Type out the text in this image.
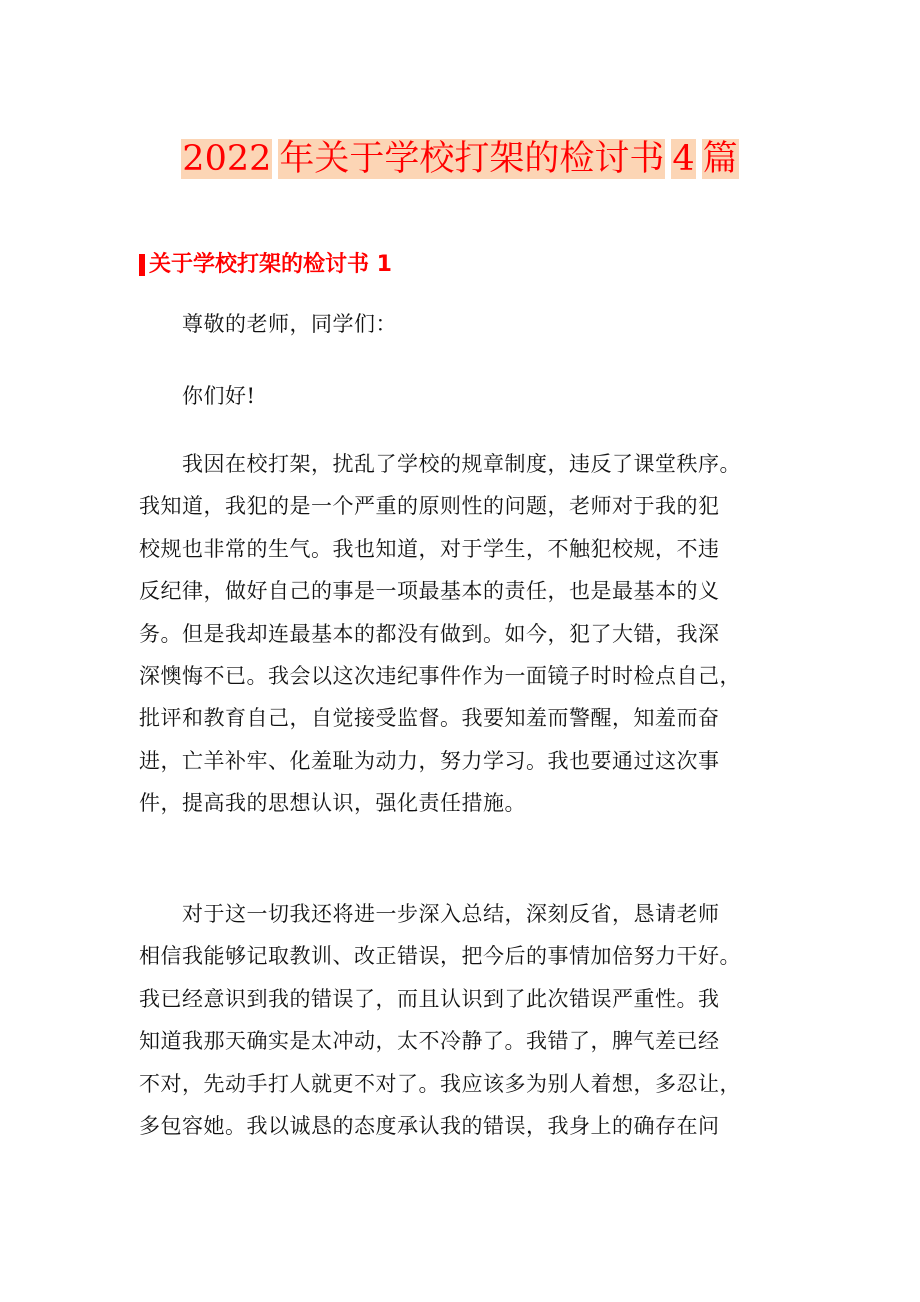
2022 年关于学校打架的检讨书 4 篇
关于学校打架的检讨书 1
尊敬的老师，同学们：
你们好!
我因在校打架，扰乱了学校的规章制度，违反了课堂秩序。
我知道，我犯的是一个严重的原则性的问题，老师对于我的犯
校规也非常的生气。我也知道，对于学生，不触犯校规，不违
反纪律，做好自己的事是一项最基本的责任，也是最基本的义
务。但是我却连最基本的都没有做到。如今，犯了大错，我深
深懊悔不已。我会以这次违纪事件作为一面镜子时时检点自己，
批评和教育自己，自觉接受监督。我要知羞而警醒，知羞而奋
进，亡羊补牢、化羞耻为动力，努力学习。我也要通过这次事
件，提高我的思想认识，强化责任措施。
对于这一切我还将进一步深入总结，深刻反省，恳请老师
相信我能够记取教训、改正错误，把今后的事情加倍努力干好。
我已经意识到我的错误了，而且认识到了此次错误严重性。我
知道我那天确实是太冲动，太不冷静了。我错了，脾气差已经
不对，先动手打人就更不对了。我应该多为别人着想，多忍让，
多包容她。我以诚恳的态度承认我的错误，我身上的确存在问
